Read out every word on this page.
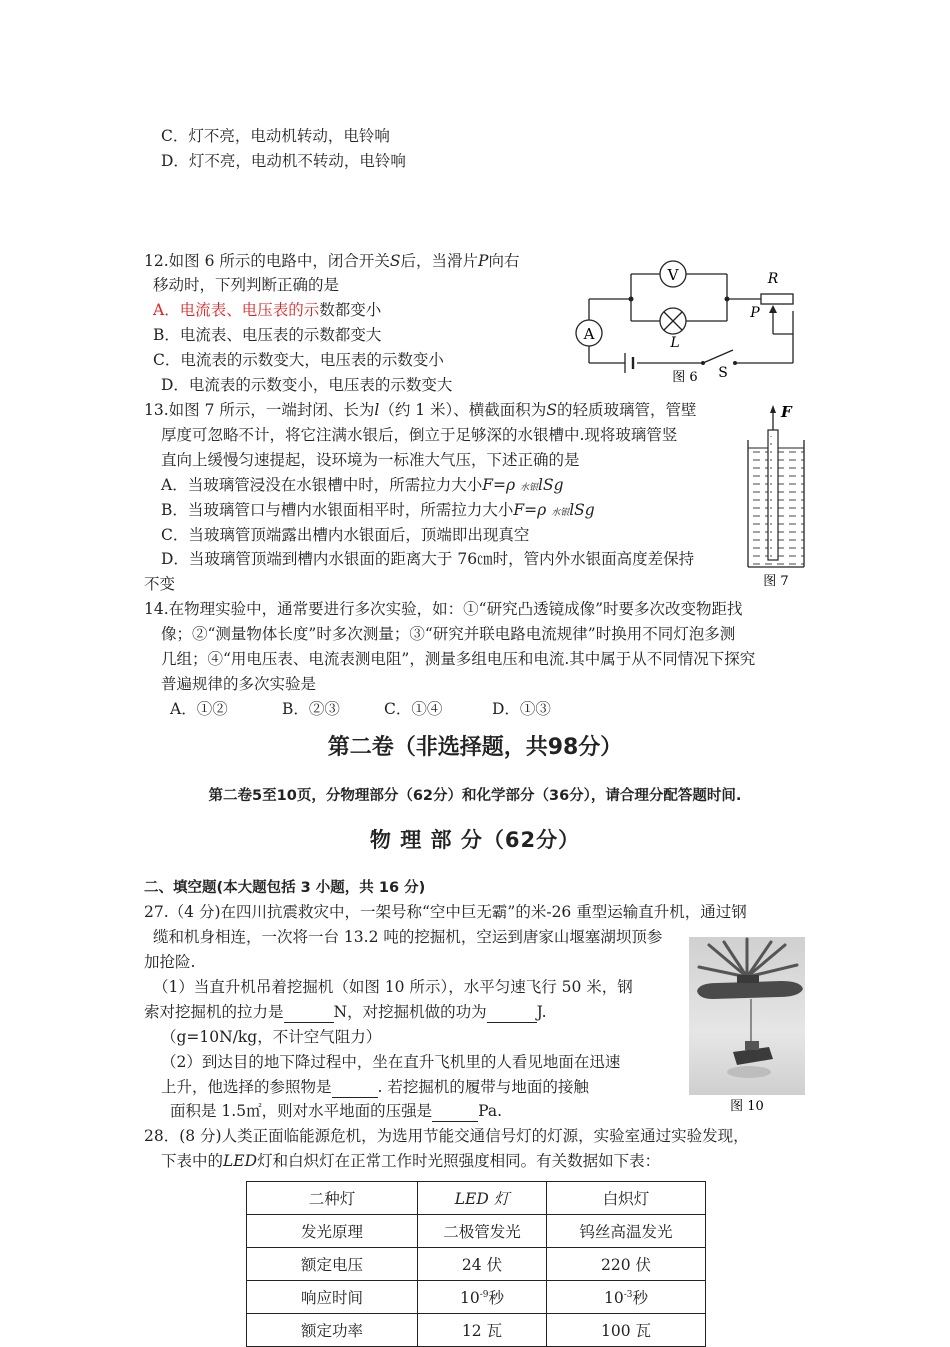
C．灯不亮，电动机转动，电铃响
D．灯不亮，电动机不转动，电铃响
12.如图 6 所示的电路中，闭合开关S后，当滑片P向右
移动时，下列判断正确的是
A．电流表、电压表的示数都变小
B．电流表、电压表的示数都变大
C．电流表的示数变大，电压表的示数变小
D．电流表的示数变小，电压表的示数变大
V
A
R
P
L
图 6 S
13.如图 7 所示，一端封闭、长为l（约 1 米）、横截面积为S的轻质玻璃管，管壁
厚度可忽略不计，将它注满水银后，倒立于足够深的水银槽中.现将玻璃管竖
直向上缓慢匀速提起，设环境为一标准大气压，下述正确的是
A．当玻璃管浸没在水银槽中时，所需拉力大小F=ρ 水银lSg
B．当玻璃管口与槽内水银面相平时，所需拉力大小F=ρ 水银lSg
C．当玻璃管顶端露出槽内水银面后，顶端即出现真空
D．当玻璃管顶端到槽内水银面的距离大于 76㎝时，管内外水银面高度差保持
不变
F
图 7
14.在物理实验中，通常要进行多次实验，如：①“研究凸透镜成像”时要多次改变物距找
像；②“测量物体长度”时多次测量；③“研究并联电路电流规律”时换用不同灯泡多测
几组；④“用电压表、电流表测电阻”，测量多组电压和电流.其中属于从不同情况下探究
普遍规律的多次实验是
A．①②	B．②③	C．①④	D．①③
第二卷（非选择题，共98分）
第二卷5至10页，分物理部分（62分）和化学部分（36分），请合理分配答题时间.
物 理 部 分（62分）
二、填空题(本大题包括 3 小题，共 16 分)
27.（4 分)在四川抗震救灾中，一架号称“空中巨无霸”的米-26 重型运输直升机，通过钢
缆和机身相连，一次将一台 13.2 吨的挖掘机，空运到唐家山堰塞湖坝顶参
加抢险.
（1）当直升机吊着挖掘机（如图 10 所示），水平匀速飞行 50 米，钢
索对挖掘机的拉力是	N，对挖掘机做的功为	J.
（g=10N/kg，不计空气阻力）
（2）到达目的地下降过程中，坐在直升飞机里的人看见地面在迅速
上升，他选择的参照物是	. 若挖掘机的履带与地面的接触
面积是 1.5㎡，则对水平地面的压强是	Pa.	图 10
28．(8 分)人类正面临能源危机，为选用节能交通信号灯的灯源，实验室通过实验发现，
下表中的LED灯和白炽灯在正常工作时光照强度相同。有关数据如下表：
二种灯	LED 灯	白炽灯
发光原理	二极管发光	钨丝高温发光
额定电压	24 伏	220 伏
响应时间	$10^{-9}$秒	$10^{-3}$秒
额定功率	12 瓦	100 瓦
